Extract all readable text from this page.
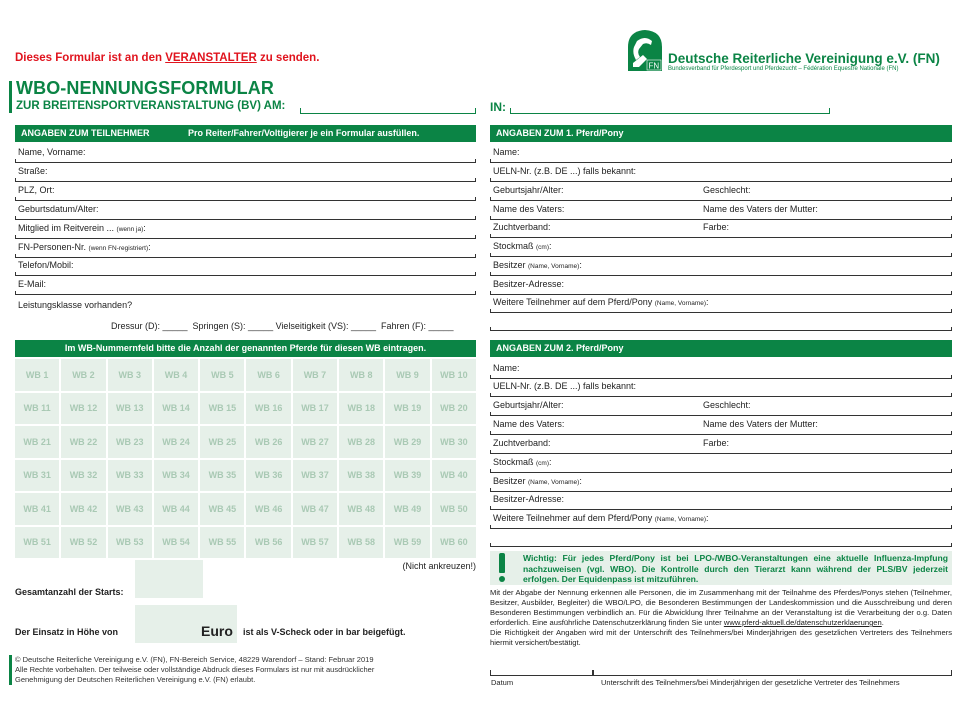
Dieses Formular ist an den VERANSTALTER zu senden.
WBO-NENNUNGSFORMULAR
ZUR BREITENSPORTVERANSTALTUNG (BV) AM:	IN:
FN Deutsche Reiterliche Vereinigung e.V. (FN)
Bundesverband für Pferdesport und Pferdezucht – Fédération Equestre Nationale (FN)
ANGABEN ZUM TEILNEHMER	Pro Reiter/Fahrer/Voltigierer je ein Formular ausfüllen.
Name, Vorname:
Straße:
PLZ, Ort:
Geburtsdatum/Alter:
Mitglied im Reitverein ... (wenn ja):
FN-Personen-Nr. (wenn FN-registriert):
Telefon/Mobil:
E-Mail:
Leistungsklasse vorhanden?
Dressur (D): _____  Springen (S): _____ Vielseitigkeit (VS): _____  Fahren (F): _____
Im WB-Nummernfeld bitte die Anzahl der genannten Pferde für diesen WB eintragen.
WB 1	WB 2	WB 3	WB 4	WB 5	WB 6	WB 7	WB 8	WB 9	WB 10
WB 11	WB 12	WB 13	WB 14	WB 15	WB 16	WB 17	WB 18	WB 19	WB 20
WB 21	WB 22	WB 23	WB 24	WB 25	WB 26	WB 27	WB 28	WB 29	WB 30
WB 31	WB 32	WB 33	WB 34	WB 35	WB 36	WB 37	WB 38	WB 39	WB 40
WB 41	WB 42	WB 43	WB 44	WB 45	WB 46	WB 47	WB 48	WB 49	WB 50
WB 51	WB 52	WB 53	WB 54	WB 55	WB 56	WB 57	WB 58	WB 59	WB 60
(Nicht ankreuzen!)
Gesamtanzahl der Starts:
Der Einsatz in Höhe von	Euro ist als V-Scheck oder in bar beigefügt.
© Deutsche Reiterliche Vereinigung e.V. (FN), FN-Bereich Service, 48229 Warendorf – Stand: Februar 2019
Alle Rechte vorbehalten. Der teilweise oder vollständige Abdruck dieses Formulars ist nur mit ausdrücklicher
Genehmigung der Deutschen Reiterlichen Vereinigung e.V. (FN) erlaubt.
ANGABEN ZUM 1. Pferd/Pony
Name:
UELN-Nr. (z.B. DE ...) falls bekannt:
Geburtsjahr/Alter:	Geschlecht:
Name des Vaters:	Name des Vaters der Mutter:
Zuchtverband:	Farbe:
Stockmaß (cm):
Besitzer (Name, Vorname):
Besitzer-Adresse:
Weitere Teilnehmer auf dem Pferd/Pony (Name, Vorname):
ANGABEN ZUM 2. Pferd/Pony
Name:
UELN-Nr. (z.B. DE ...) falls bekannt:
Geburtsjahr/Alter:	Geschlecht:
Name des Vaters:	Name des Vaters der Mutter:
Zuchtverband:	Farbe:
Stockmaß (cm):
Besitzer (Name, Vorname):
Besitzer-Adresse:
Weitere Teilnehmer auf dem Pferd/Pony (Name, Vorname):
Wichtig: Für jedes Pferd/Pony ist bei LPO-/WBO-Veranstaltungen eine aktuelle Influenza-Impfung nachzuweisen (vgl. WBO). Die Kontrolle durch den Tierarzt kann während der PLS/BV jederzeit erfolgen. Der Equidenpass ist mitzuführen.
Mit der Abgabe der Nennung erkennen alle Personen, die im Zusammenhang mit der Teilnahme des Pferdes/Ponys stehen (Teilnehmer, Besitzer, Ausbilder, Begleiter) die WBO/LPO, die Besonderen Bestimmungen der Landeskommission und die Ausschreibung und deren Besonderen Bestimmungen verbindlich an. Für die Abwicklung Ihrer Teilnahme an der Veranstaltung ist die Verarbeitung der o.g. Daten erforderlich. Eine ausführliche Datenschutzerklärung finden Sie unter www.pferd-aktuell.de/datenschutzerklaerungen.
Die Richtigkeit der Angaben wird mit der Unterschrift des Teilnehmers/bei Minderjährigen des gesetzlichen Vertreters des Teilnehmers hiermit versichert/bestätigt.
Datum	Unterschrift des Teilnehmers/bei Minderjährigen der gesetzliche Vertreter des Teilnehmers
